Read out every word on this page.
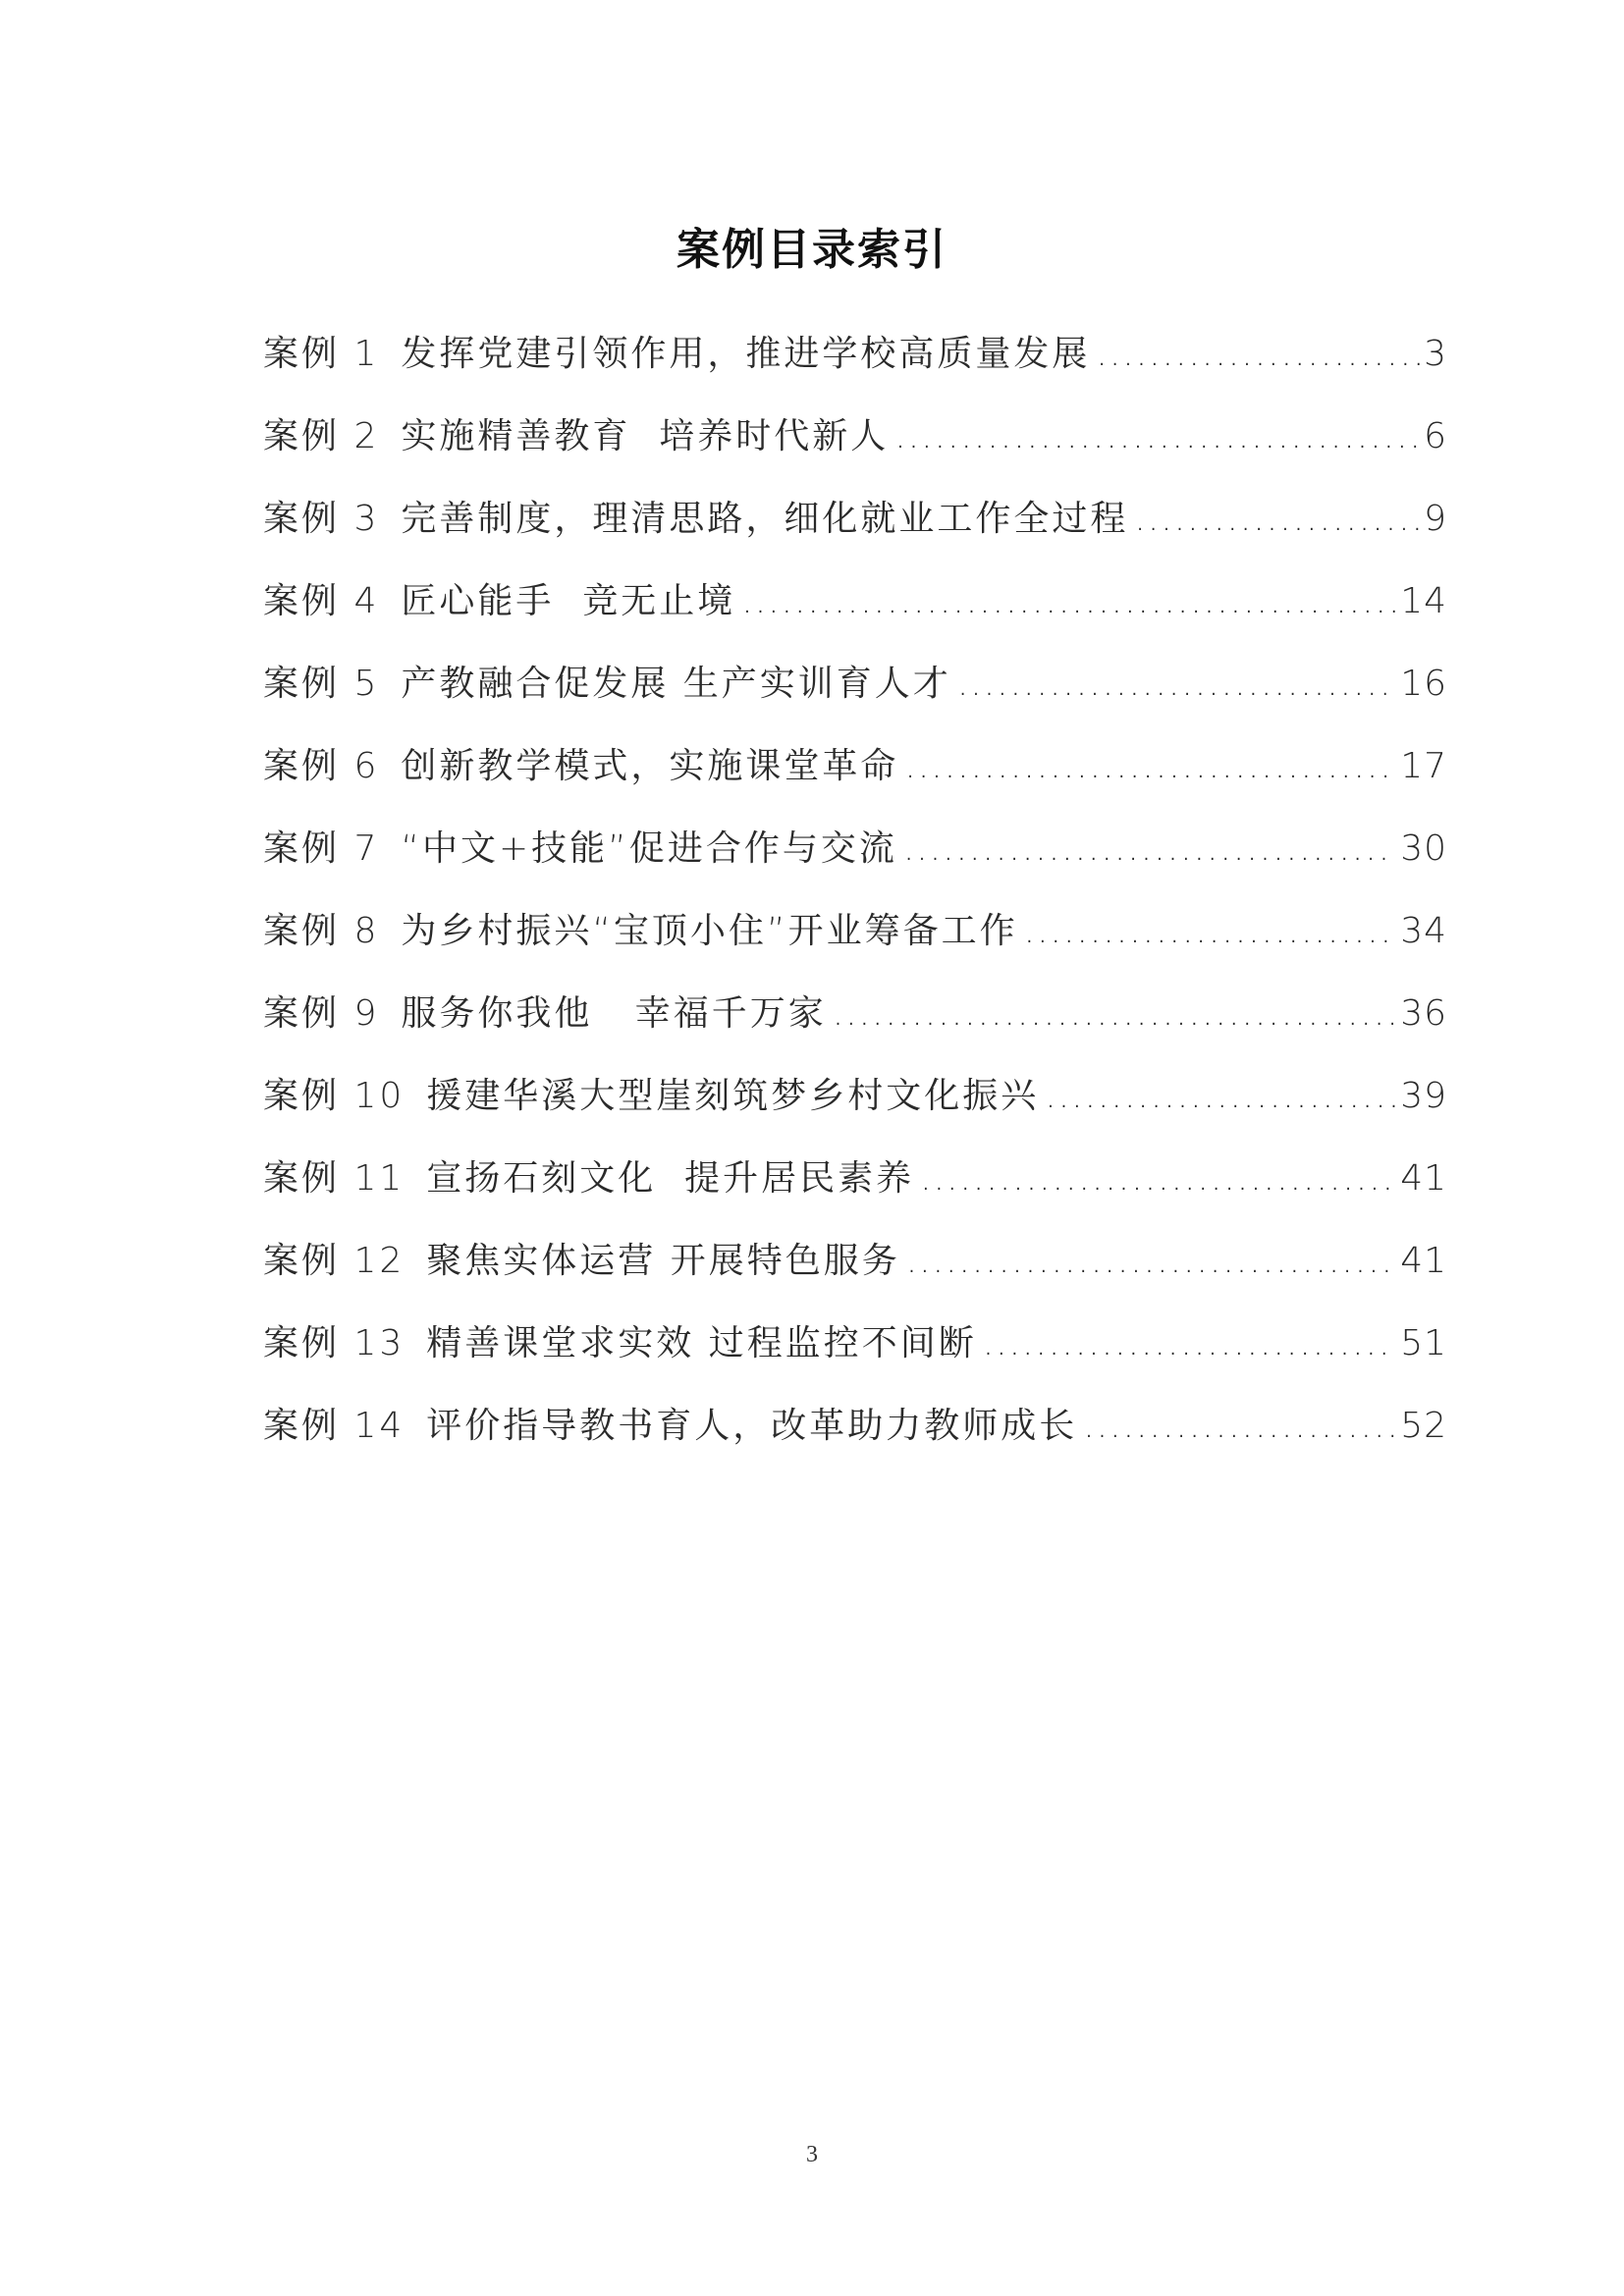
案例目录索引
案例 1 发挥党建引领作用，推进学校高质量发展 .....	3
案例 2 实施精善教育  培养时代新人 .....	6
案例 3 完善制度，理清思路，细化就业工作全过程 .....	9
案例 4 匠心能手  竞无止境 .....	14
案例 5 产教融合促发展 生产实训育人才 .....	16
案例 6 创新教学模式，实施课堂革命 .....	17
案例 7 “中文+技能”促进合作与交流 .....	30
案例 8 为乡村振兴“宝顶小住”开业筹备工作 .....	34
案例 9 服务你我他   幸福千万家 .....	36
案例 10 援建华溪大型崖刻筑梦乡村文化振兴 .....	39
案例 11 宣扬石刻文化  提升居民素养 .....	41
案例 12 聚焦实体运营 开展特色服务 .....	41
案例 13 精善课堂求实效 过程监控不间断 .....	51
案例 14 评价指导教书育人，改革助力教师成长 .....	52
3
